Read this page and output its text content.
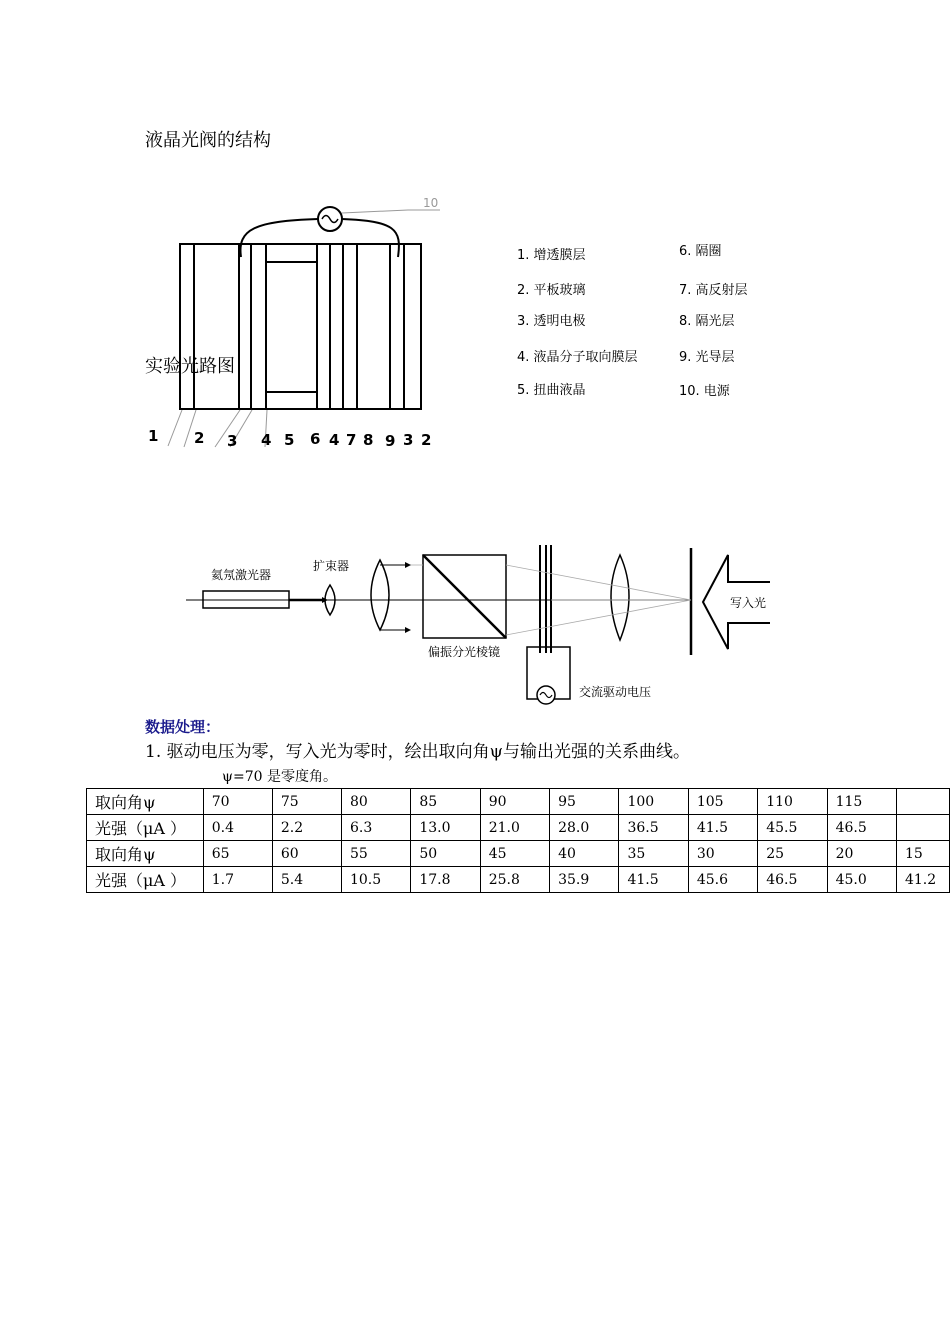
液晶光阀的结构
10
实验光路图
1 2 3 4 5 6 4 7 8 9 3 2
1. 增透膜层
2. 平板玻璃
3. 透明电极
4. 液晶分子取向膜层
5. 扭曲液晶
6. 隔圈
7. 高反射层
8. 隔光层
9. 光导层
10. 电源
氦氖激光器
扩束器
偏振分光棱镜
交流驱动电压
写入光
数据处理：
1. 驱动电压为零，写入光为零时，绘出取向角ψ与输出光强的关系曲线。
ψ=70 是零度角。
取向角ψ	70	75	80	85	90	95	100	105	110	115	
光强（μA ）	0.4	2.2	6.3	13.0	21.0	28.0	36.5	41.5	45.5	46.5	
取向角ψ	65	60	55	50	45	40	35	30	25	20	15
光强（μA ）	1.7	5.4	10.5	17.8	25.8	35.9	41.5	45.6	46.5	45.0	41.2
